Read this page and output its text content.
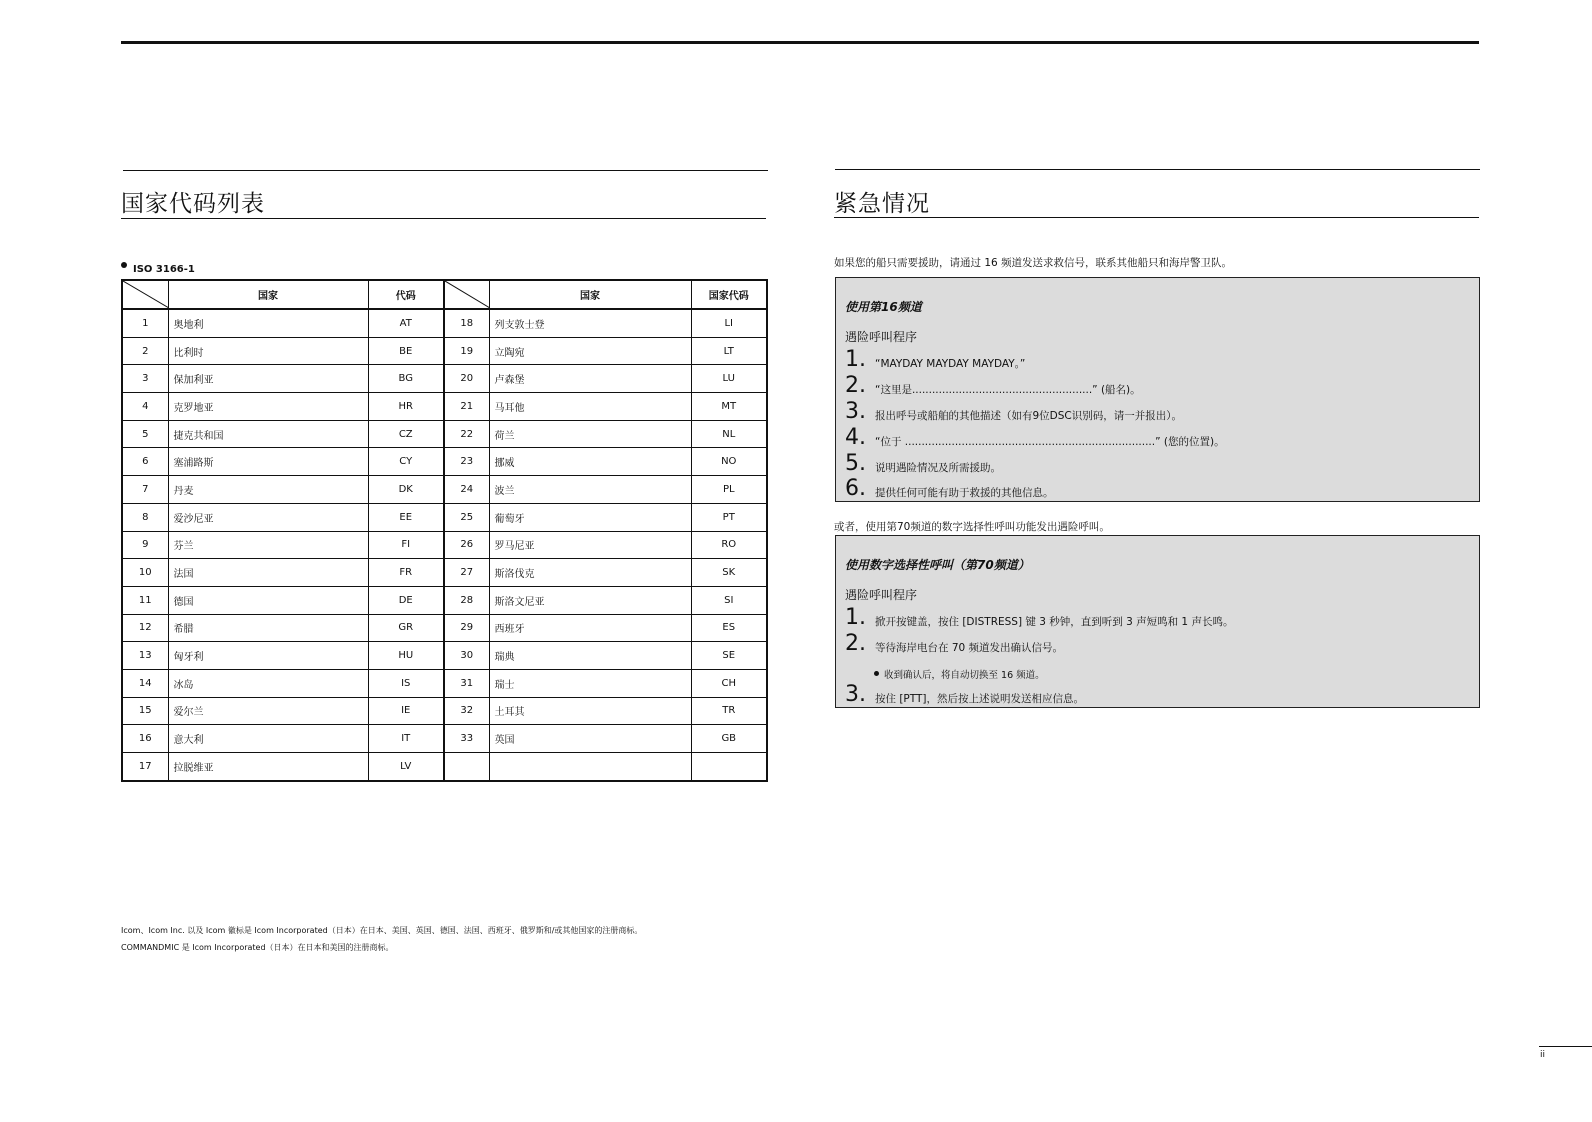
国家代码列表
ISO 3166-1
	国家	代码		国家	国家代码
1	奥地利	AT	18	列支敦士登	LI
2	比利时	BE	19	立陶宛	LT
3	保加利亚	BG	20	卢森堡	LU
4	克罗地亚	HR	21	马耳他	MT
5	捷克共和国	CZ	22	荷兰	NL
6	塞浦路斯	CY	23	挪威	NO
7	丹麦	DK	24	波兰	PL
8	爱沙尼亚	EE	25	葡萄牙	PT
9	芬兰	FI	26	罗马尼亚	RO
10	法国	FR	27	斯洛伐克	SK
11	德国	DE	28	斯洛文尼亚	SI
12	希腊	GR	29	西班牙	ES
13	匈牙利	HU	30	瑞典	SE
14	冰岛	IS	31	瑞士	CH
15	爱尔兰	IE	32	土耳其	TR
16	意大利	IT	33	英国	GB
17	拉脱维亚	LV			
Icom、Icom Inc. 以及 Icom 徽标是 Icom Incorporated（日本）在日本、美国、英国、德国、法国、西班牙、俄罗斯和/或其他国家的注册商标。
COMMANDMIC 是 Icom Incorporated（日本）在日本和美国的注册商标。
紧急情况
如果您的船只需要援助，请通过 16 频道发送求救信号，联系其他船只和海岸警卫队。
使用第16频道
遇险呼叫程序
1. “MAYDAY MAYDAY MAYDAY。”
2. “这里是......................................................” (船名)。
3. 报出呼号或船舶的其他描述（如有9位DSC识别码，请一并报出）。
4. “位于 ...........................................................................” (您的位置)。
5. 说明遇险情况及所需援助。
6. 提供任何可能有助于救援的其他信息。
或者，使用第70频道的数字选择性呼叫功能发出遇险呼叫。
使用数字选择性呼叫（第70频道）
遇险呼叫程序
1. 掀开按键盖，按住 [DISTRESS] 键 3 秒钟，直到听到 3 声短鸣和 1 声长鸣。
2. 等待海岸电台在 70 频道发出确认信号。
收到确认后，将自动切换至 16 频道。
3. 按住 [PTT]，然后按上述说明发送相应信息。
ii
